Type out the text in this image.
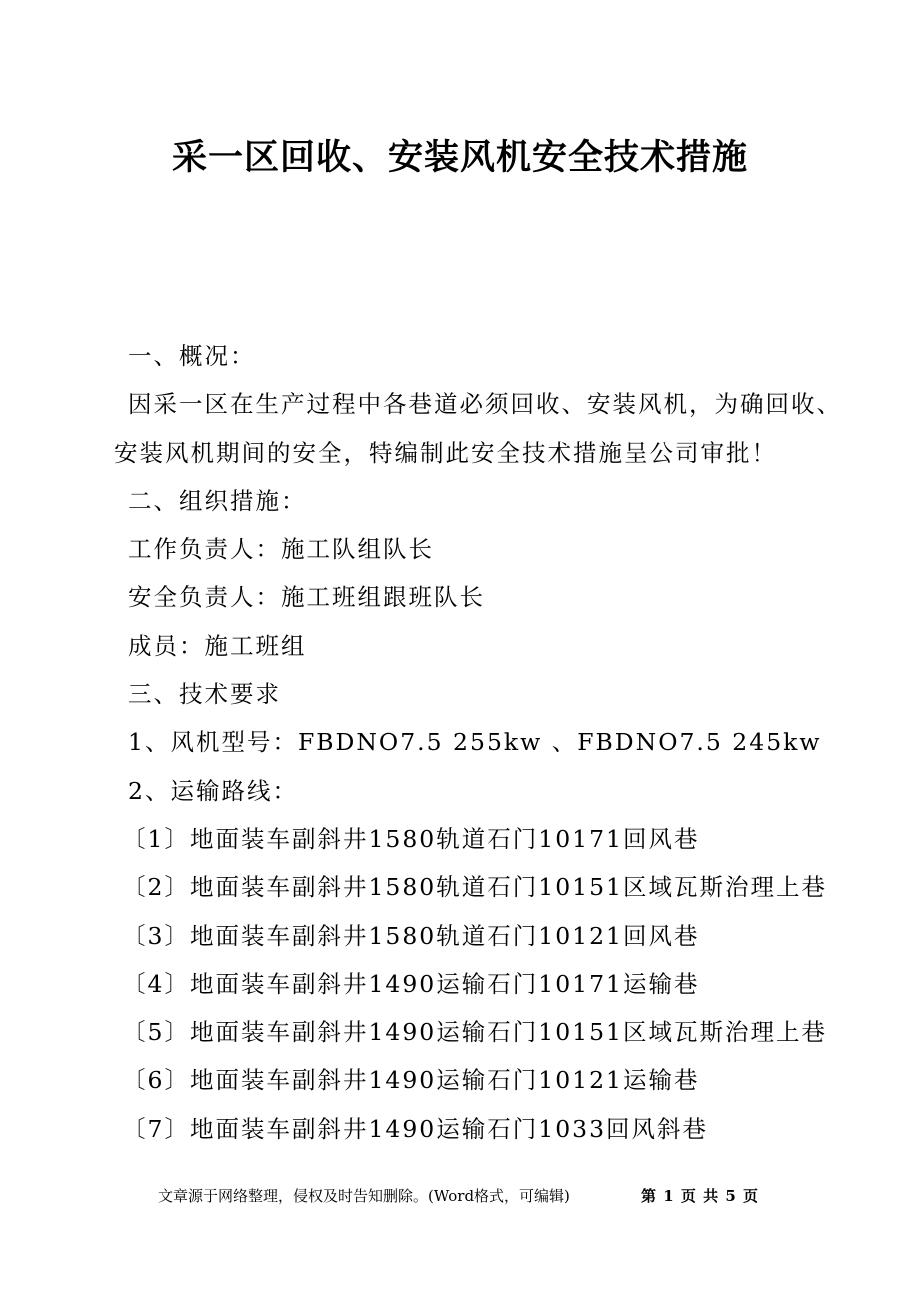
采一区回收、安装风机安全技术措施
一、概况：
因采一区在生产过程中各巷道必须回收、安装风机，为确回收、
安装风机期间的安全，特编制此安全技术措施呈公司审批！
二、组织措施：
工作负责人：施工队组队长
安全负责人：施工班组跟班队长
成员：施工班组
三、技术要求
1、风机型号：FBDNO7.5 255kw 、FBDNO7.5 245kw
2、运输路线：
〔1〕地面装车副斜井1580轨道石门10171回风巷
〔2〕地面装车副斜井1580轨道石门10151区域瓦斯治理上巷
〔3〕地面装车副斜井1580轨道石门10121回风巷
〔4〕地面装车副斜井1490运输石门10171运输巷
〔5〕地面装车副斜井1490运输石门10151区域瓦斯治理上巷
〔6〕地面装车副斜井1490运输石门10121运输巷
〔7〕地面装车副斜井1490运输石门1033回风斜巷
文章源于网络整理，侵权及时告知删除。(Word格式，可编辑)	第 1 页 共 5 页
